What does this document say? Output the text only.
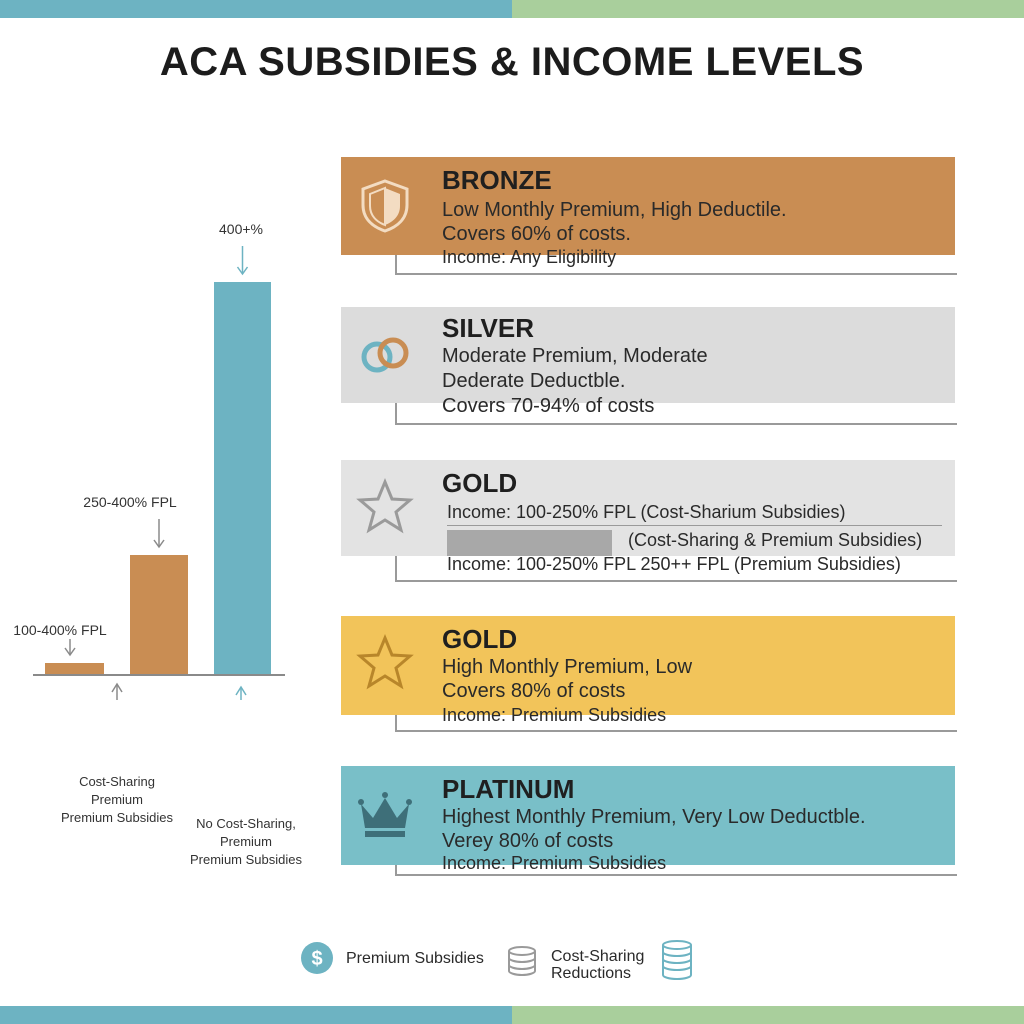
ACA SUBSIDIES & INCOME LEVELS
100-400% FPL
250-400% FPL
400+%
Cost-Sharing
Premium
Premium Subsidies	No Cost-Sharing,
Premium
Premium Subsidies
BRONZE
Low Monthly Premium, High Deductile.
Covers 60% of costs.
Income: Any Eligibility
SILVER
Moderate Premium, Moderate
Dederate Deductble.
Covers 70-94% of costs
GOLD
Income: 100-250% FPL (Cost-Sharium Subsidies)
(Cost-Sharing & Premium Subsidies)
Income: 100-250% FPL 250++ FPL (Premium Subsidies)
GOLD
High Monthly Premium, Low
Covers 80% of costs
Income: Premium Subsidies
PLATINUM
Highest Monthly Premium, Very Low Deductble.
Verey 80% of costs
Income: Premium Subsidies
$ Premium Subsidies	Cost-Sharing
Reductions
